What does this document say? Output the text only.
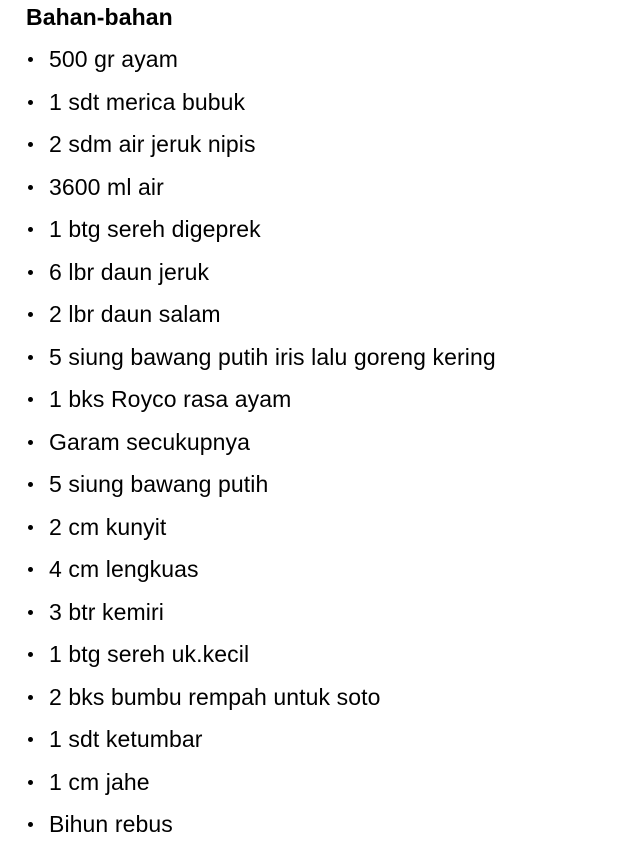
Bahan-bahan
500 gr ayam
1 sdt merica bubuk
2 sdm air jeruk nipis
3600 ml air
1 btg sereh digeprek
6 lbr daun jeruk
2 lbr daun salam
5 siung bawang putih iris lalu goreng kering
1 bks Royco rasa ayam
Garam secukupnya
5 siung bawang putih
2 cm kunyit
4 cm lengkuas
3 btr kemiri
1 btg sereh uk.kecil
2 bks bumbu rempah untuk soto
1 sdt ketumbar
1 cm jahe
Bihun rebus
